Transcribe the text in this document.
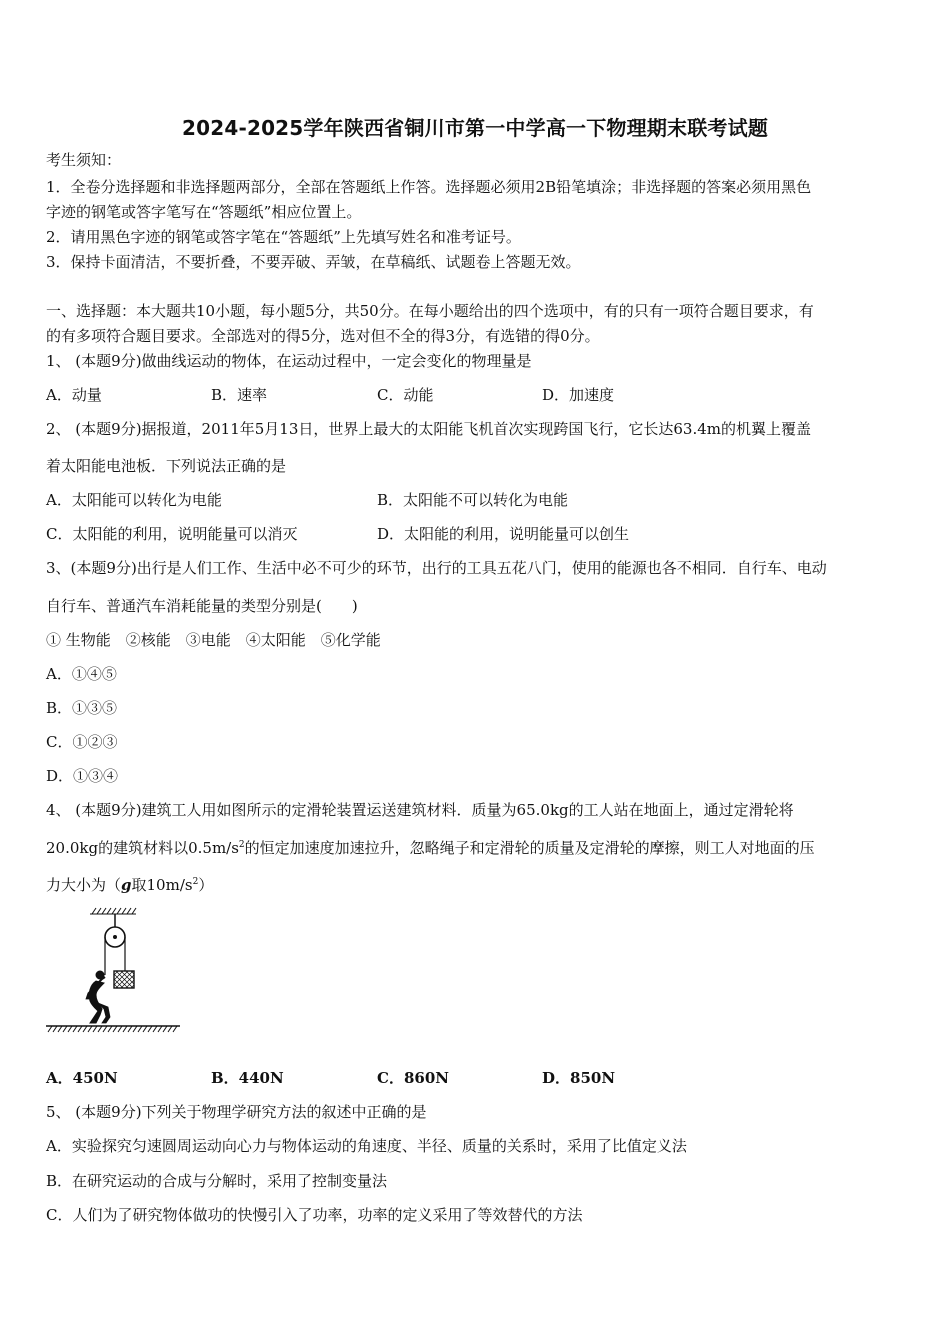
2024-2025学年陕西省铜川市第一中学高一下物理期末联考试题
考生须知：
1．全卷分选择题和非选择题两部分，全部在答题纸上作答。选择题必须用2B铅笔填涂；非选择题的答案必须用黑色
字迹的钢笔或答字笔写在“答题纸”相应位置上。
2．请用黑色字迹的钢笔或答字笔在“答题纸”上先填写姓名和准考证号。
3．保持卡面清洁，不要折叠，不要弄破、弄皱，在草稿纸、试题卷上答题无效。
一、选择题：本大题共10小题，每小题5分，共50分。在每小题给出的四个选项中，有的只有一项符合题目要求，有
的有多项符合题目要求。全部选对的得5分，选对但不全的得3分，有选错的得0分。
1、 (本题9分)做曲线运动的物体，在运动过程中，一定会变化的物理量是
A．动量	B．速率	C．动能	D．加速度
2、 (本题9分)据报道，2011年5月13日，世界上最大的太阳能飞机首次实现跨国飞行，它长达63.4m的机翼上覆盖
着太阳能电池板．下列说法正确的是
A．太阳能可以转化为电能	B．太阳能不可以转化为电能
C．太阳能的利用，说明能量可以消灭	D．太阳能的利用，说明能量可以创生
3、(本题9分)出行是人们工作、生活中必不可少的环节，出行的工具五花八门，使用的能源也各不相同．自行车、电动
自行车、普通汽车消耗能量的类型分别是(　　)
① 生物能　②核能　③电能　④太阳能　⑤化学能
A．①④⑤
B．①③⑤
C．①②③
D．①③④
4、 (本题9分)建筑工人用如图所示的定滑轮装置运送建筑材料．质量为65.0kg的工人站在地面上，通过定滑轮将
20.0kg的建筑材料以$0.5m/s^2$的恒定加速度加速拉升，忽略绳子和定滑轮的质量及定滑轮的摩擦，则工人对地面的压
力大小为（g取$10m/s^2$）
A．450N	B．440N	C．860N	D．850N
5、 (本题9分)下列关于物理学研究方法的叙述中正确的是
A．实验探究匀速圆周运动向心力与物体运动的角速度、半径、质量的关系时，采用了比值定义法
B．在研究运动的合成与分解时，采用了控制变量法
C．人们为了研究物体做功的快慢引入了功率，功率的定义采用了等效替代的方法
